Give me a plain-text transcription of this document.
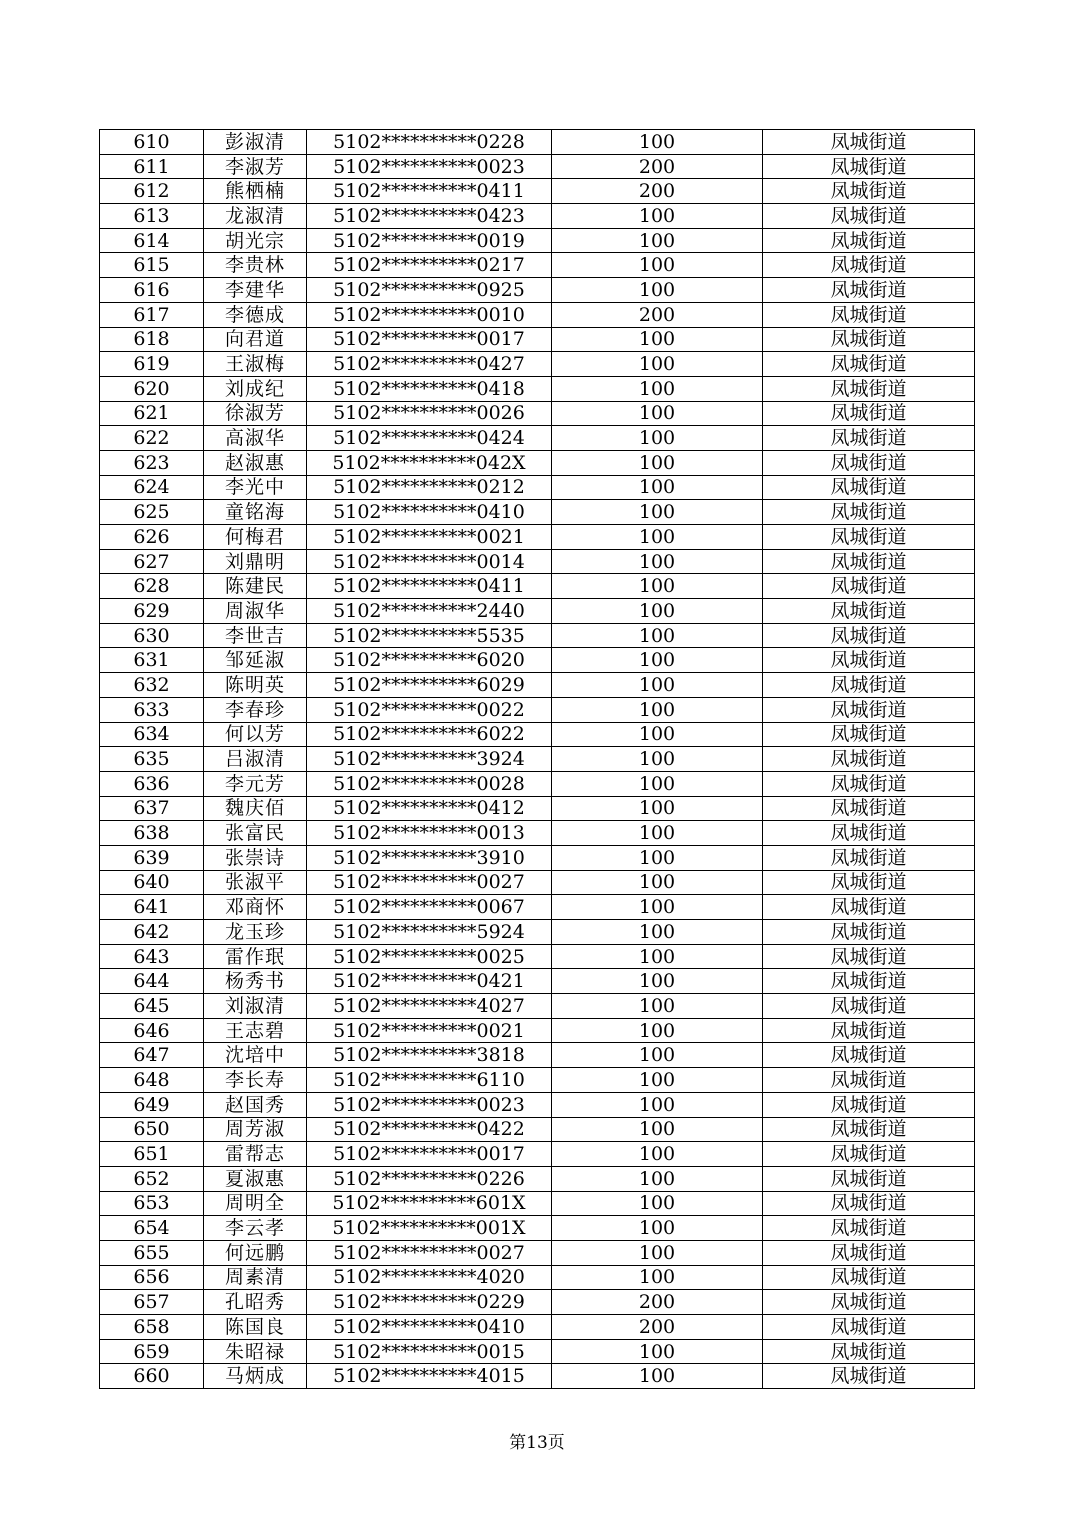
610	彭淑清	5102**********0228	100	凤城街道
611	李淑芳	5102**********0023	200	凤城街道
612	熊栖楠	5102**********0411	200	凤城街道
613	龙淑清	5102**********0423	100	凤城街道
614	胡光宗	5102**********0019	100	凤城街道
615	李贵林	5102**********0217	100	凤城街道
616	李建华	5102**********0925	100	凤城街道
617	李德成	5102**********0010	200	凤城街道
618	向君道	5102**********0017	100	凤城街道
619	王淑梅	5102**********0427	100	凤城街道
620	刘成纪	5102**********0418	100	凤城街道
621	徐淑芳	5102**********0026	100	凤城街道
622	高淑华	5102**********0424	100	凤城街道
623	赵淑惠	5102**********042X	100	凤城街道
624	李光中	5102**********0212	100	凤城街道
625	童铭海	5102**********0410	100	凤城街道
626	何梅君	5102**********0021	100	凤城街道
627	刘鼎明	5102**********0014	100	凤城街道
628	陈建民	5102**********0411	100	凤城街道
629	周淑华	5102**********2440	100	凤城街道
630	李世吉	5102**********5535	100	凤城街道
631	邹延淑	5102**********6020	100	凤城街道
632	陈明英	5102**********6029	100	凤城街道
633	李春珍	5102**********0022	100	凤城街道
634	何以芳	5102**********6022	100	凤城街道
635	吕淑清	5102**********3924	100	凤城街道
636	李元芳	5102**********0028	100	凤城街道
637	魏庆佰	5102**********0412	100	凤城街道
638	张富民	5102**********0013	100	凤城街道
639	张崇诗	5102**********3910	100	凤城街道
640	张淑平	5102**********0027	100	凤城街道
641	邓商怀	5102**********0067	100	凤城街道
642	龙玉珍	5102**********5924	100	凤城街道
643	雷作珉	5102**********0025	100	凤城街道
644	杨秀书	5102**********0421	100	凤城街道
645	刘淑清	5102**********4027	100	凤城街道
646	王志碧	5102**********0021	100	凤城街道
647	沈培中	5102**********3818	100	凤城街道
648	李长寿	5102**********6110	100	凤城街道
649	赵国秀	5102**********0023	100	凤城街道
650	周芳淑	5102**********0422	100	凤城街道
651	雷帮志	5102**********0017	100	凤城街道
652	夏淑惠	5102**********0226	100	凤城街道
653	周明全	5102**********601X	100	凤城街道
654	李云孝	5102**********001X	100	凤城街道
655	何远鹏	5102**********0027	100	凤城街道
656	周素清	5102**********4020	100	凤城街道
657	孔昭秀	5102**********0229	200	凤城街道
658	陈国良	5102**********0410	200	凤城街道
659	朱昭禄	5102**********0015	100	凤城街道
660	马炳成	5102**********4015	100	凤城街道
第13页
